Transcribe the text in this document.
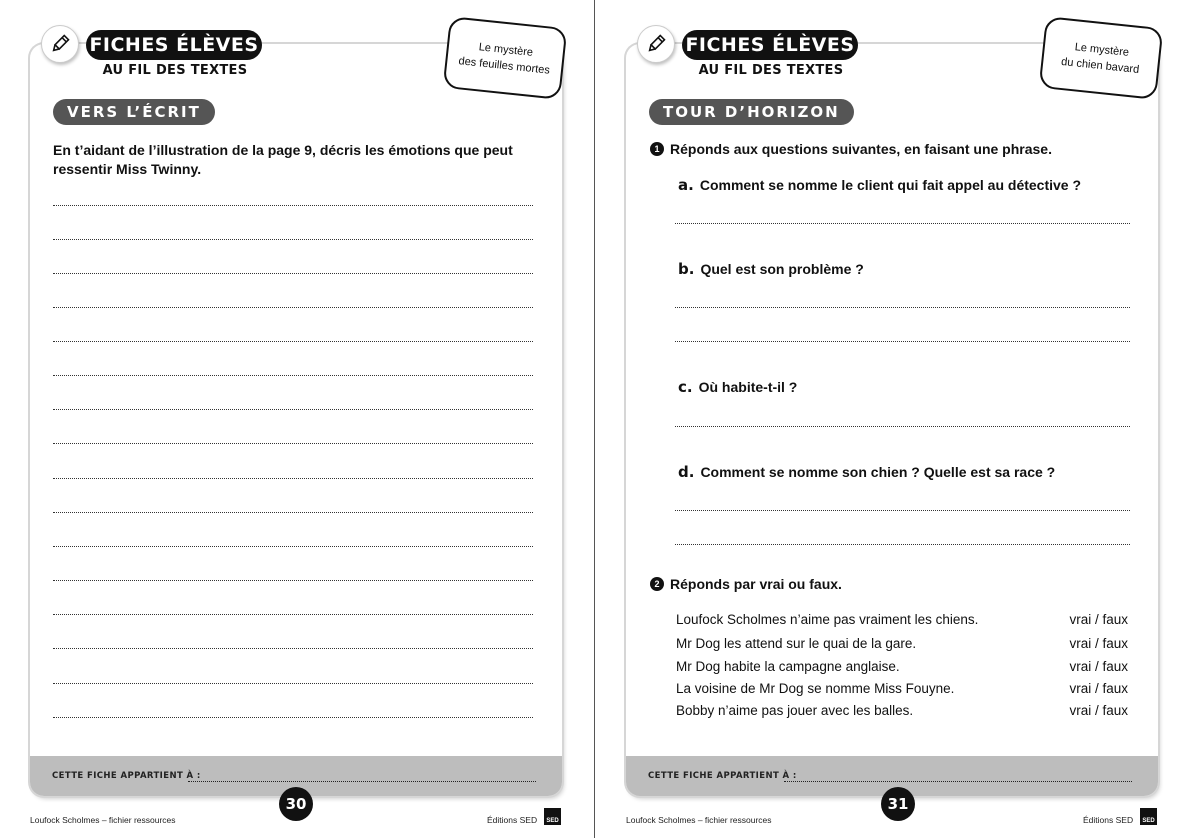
CETTE FICHE APPARTIENT À :
FICHES ÉLÈVES
AU FIL DES TEXTES
Le mystère
des feuilles mortes
VERS L’ÉCRIT
En t’aidant de l’illustration de la page 9, décris les émotions que peut ressentir Miss Twinny.
30
Loufock Scholmes – fichier ressources	Éditions SED	SED
CETTE FICHE APPARTIENT À :
FICHES ÉLÈVES
AU FIL DES TEXTES
Le mystère
du chien bavard
TOUR D’HORIZON
1 Réponds aux questions suivantes, en faisant une phrase.
a. Comment se nomme le client qui fait appel au détective ?
b. Quel est son problème ?
c. Où habite-t-il ?
d. Comment se nomme son chien ? Quelle est sa race ?
2 Réponds par vrai ou faux.
Loufock Scholmes n’aime pas vraiment les chiens.	vrai / faux
Mr Dog les attend sur le quai de la gare.	vrai / faux
Mr Dog habite la campagne anglaise.	vrai / faux
La voisine de Mr Dog se nomme Miss Fouyne.	vrai / faux
Bobby n’aime pas jouer avec les balles.	vrai / faux
31
Loufock Scholmes – fichier ressources	Éditions SED	SED
